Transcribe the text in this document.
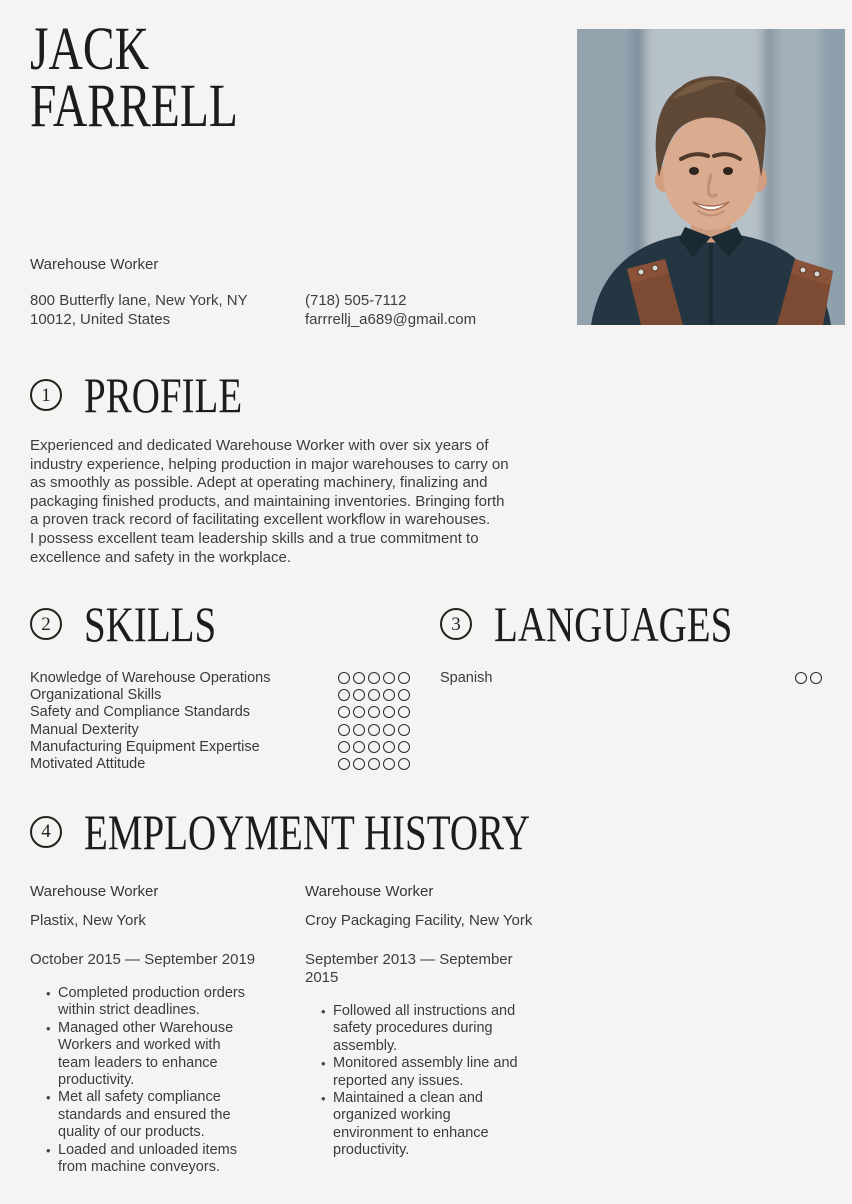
JACK
FARRELL
Warehouse Worker
800 Butterfly lane, New York, NY
10012, United States
(718) 505-7112
farrrellj_a689@gmail.com
1 PROFILE
Experienced and dedicated Warehouse Worker with over six years of industry experience, helping production in major warehouses to carry on as smoothly as possible. Adept at operating machinery, finalizing and packaging finished products, and maintaining inventories. Bringing forth a proven track record of facilitating excellent workflow in warehouses.
I possess excellent team leadership skills and a true commitment to excellence and safety in the workplace.
2 SKILLS
Knowledge of Warehouse Operations
Organizational Skills
Safety and Compliance Standards
Manual Dexterity
Manufacturing Equipment Expertise
Motivated Attitude
3 LANGUAGES
Spanish
4 EMPLOYMENT HISTORY
Warehouse Worker
Plastix, New York
October 2015 — September 2019
• Completed production orders within strict deadlines.
• Managed other Warehouse Workers and worked with team leaders to enhance productivity.
• Met all safety compliance standards and ensured the quality of our products.
• Loaded and unloaded items from machine conveyors.
Warehouse Worker
Croy Packaging Facility, New York
September 2013 — September 2015
• Followed all instructions and safety procedures during assembly.
• Monitored assembly line and reported any issues.
• Maintained a clean and organized working environment to enhance productivity.
